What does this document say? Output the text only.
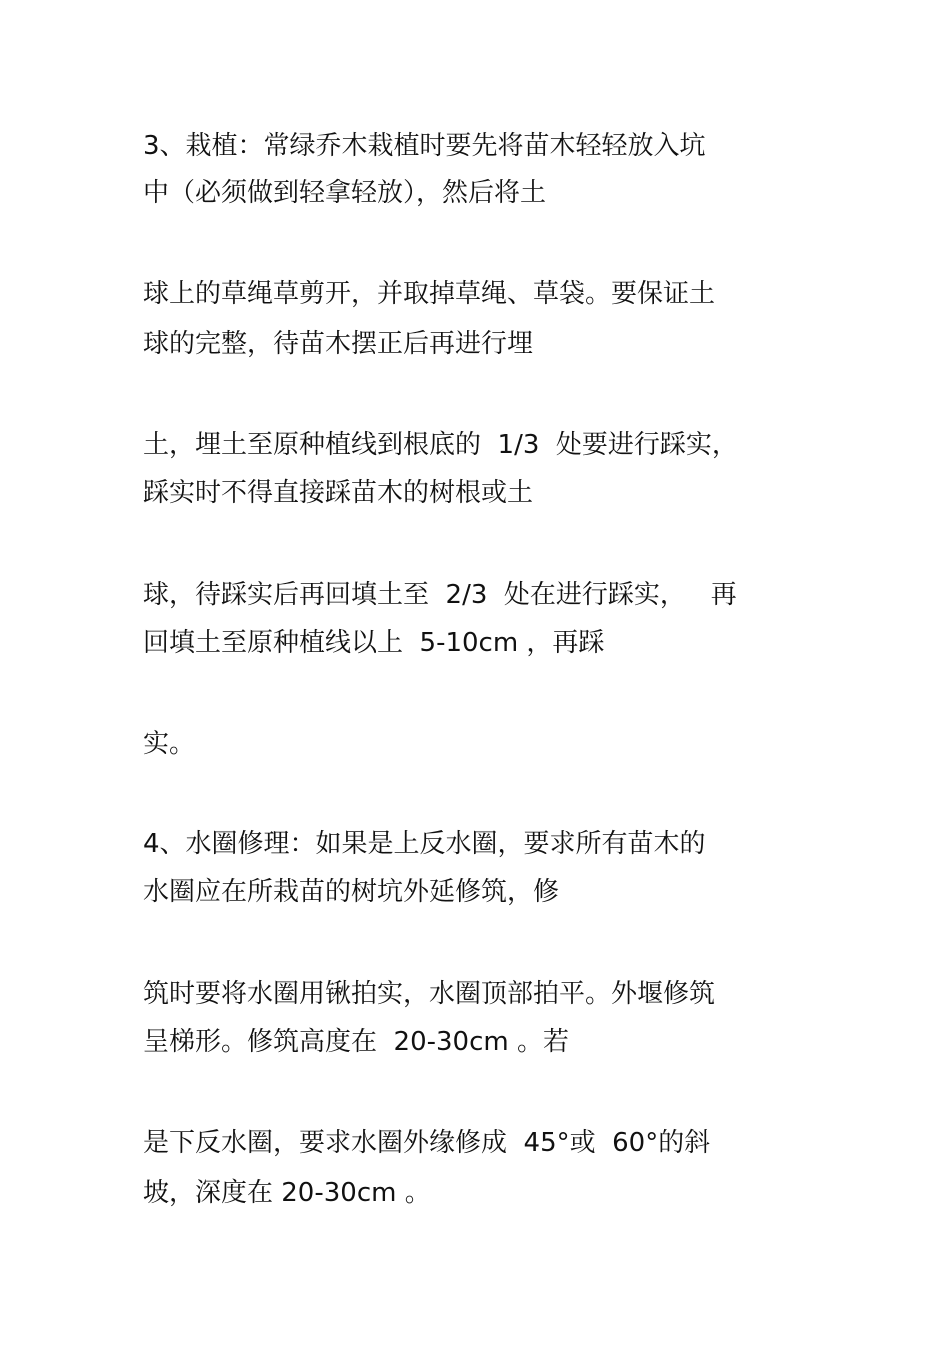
3、栽植：常绿乔木栽植时要先将苗木轻轻放入坑
中（必须做到轻拿轻放），然后将土
球上的草绳草剪开，并取掉草绳、草袋。要保证土
球的完整，待苗木摆正后再进行埋
土，埋土至原种植线到根底的  1/3  处要进行踩实，
踩实时不得直接踩苗木的树根或土
球，待踩实后再回填土至  2/3  处在进行踩实，   再
回填土至原种植线以上  5-10cm ，再踩
实。
4、水圈修理：如果是上反水圈，要求所有苗木的
水圈应在所栽苗的树坑外延修筑，修
筑时要将水圈用锹拍实，水圈顶部拍平。外堰修筑
呈梯形。修筑高度在  20-30cm 。若
是下反水圈，要求水圈外缘修成  45°或  60°的斜
坡，深度在 20-30cm 。
